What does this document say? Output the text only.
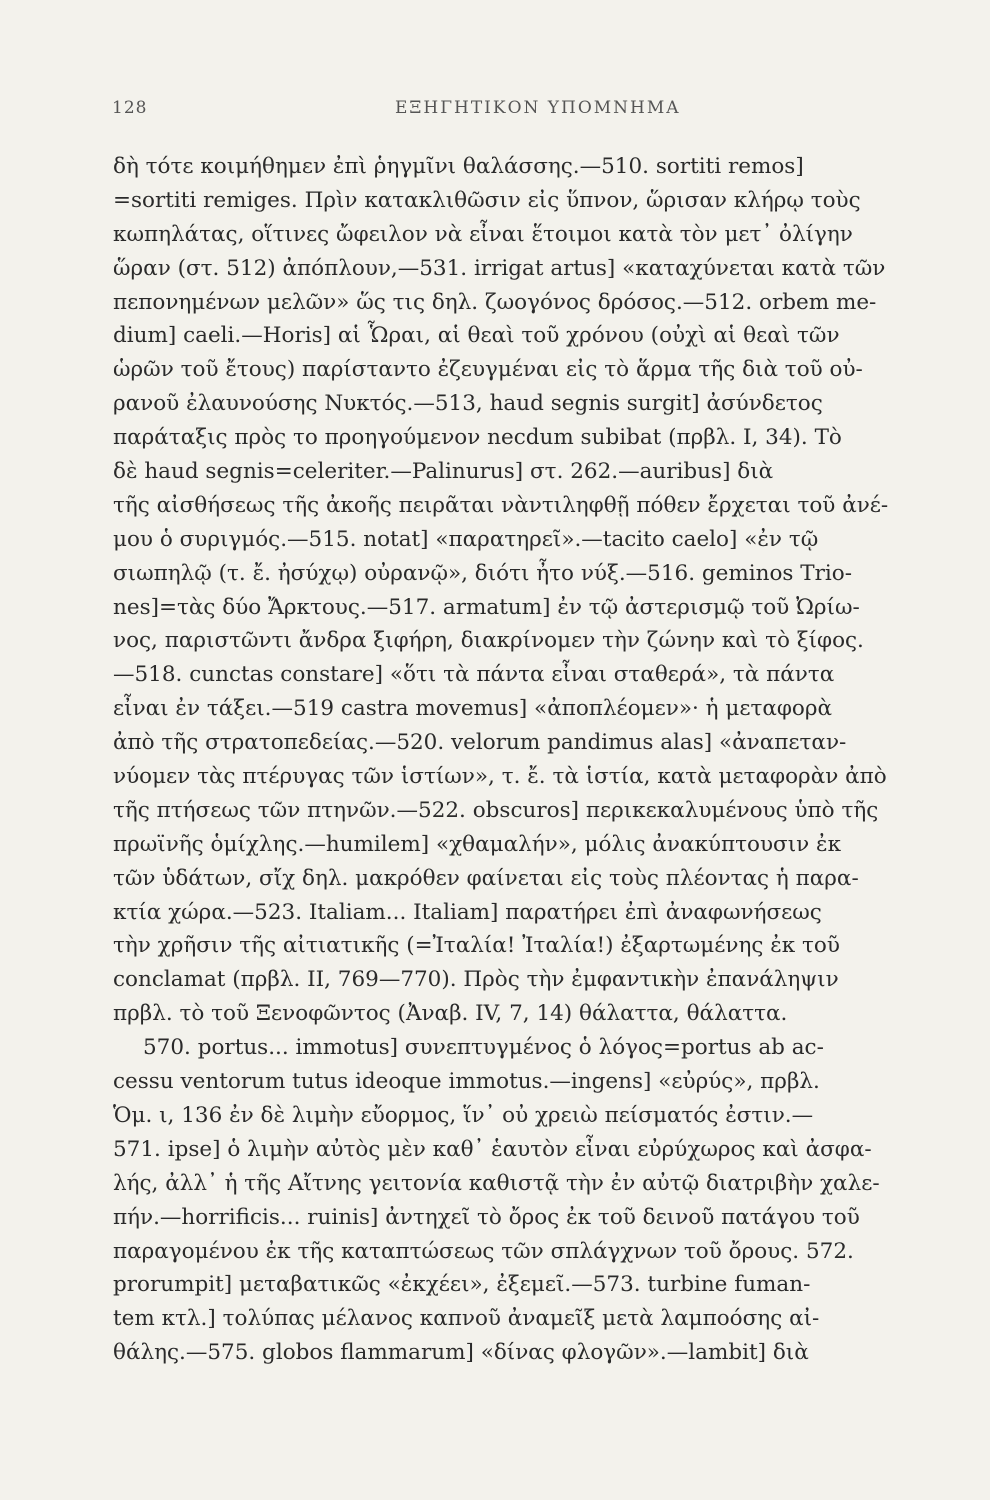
128	ΕΞΗΓΗΤΙΚΟΝ ΥΠΟΜΝΗΜΑ
δὴ τότε κοιμήθημεν ἐπὶ ῥηγμῖνι θαλάσσης.—510. sortiti remos]
=sortiti remiges. Πρὶν κατακλιθῶσιν εἰς ὕπνον, ὥρισαν κλήρῳ τοὺς
κωπηλάτας, οἵτινες ὤφειλον νὰ εἶναι ἕτοιμοι κατὰ τὸν μετ᾽ ὀλίγην
ὥραν (στ. 512) ἀπόπλουν,—531. irrigat artus] «καταχύνεται κατὰ τῶν
πεπονημένων μελῶν» ὥς τις δηλ. ζωογόνος δρόσος.—512. orbem me-
dium] caeli.—Horis] αἱ Ὧραι, αἱ θεαὶ τοῦ χρόνου (οὐχὶ αἱ θεαὶ τῶν
ὡρῶν τοῦ ἔτους) παρίσταντο ἐζευγμέναι εἰς τὸ ἅρμα τῆς διὰ τοῦ οὐ-
ρανοῦ ἐλαυνούσης Νυκτός.—513, haud segnis surgit] ἀσύνδετος
παράταξις πρὸς το προηγούμενον necdum subibat (πρβλ. I, 34). Τὸ
δὲ haud segnis=celeriter.—Palinurus] στ. 262.—auribus] διὰ
τῆς αἰσθήσεως τῆς ἀκοῆς πειρᾶται νὰντιληφθῇ πόθεν ἔρχεται τοῦ ἀνέ-
μου ὁ συριγμός.—515. notat] «παρατηρεῖ».—tacito caelo] «ἐν τῷ
σιωπηλῷ (τ. ἔ. ἠσύχῳ) οὐρανῷ», διότι ἦτο νύξ.—516. geminos Trio-
nes]=τὰς δύο Ἄρκτους.—517. armatum] ἐν τῷ ἀστερισμῷ τοῦ Ὠρίω-
νος, παριστῶντι ἄνδρα ξιφήρη, διακρίνομεν τὴν ζώνην καὶ τὸ ξίφος.
—518. cunctas constare] «ὅτι τὰ πάντα εἶναι σταθερά», τὰ πάντα
εἶναι ἐν τάξει.—519 castra movemus] «ἀποπλέομεν»· ἡ μεταφορὰ
ἀπὸ τῆς στρατοπεδείας.—520. velorum pandimus alas] «ἀναπεταν-
νύομεν τὰς πτέρυγας τῶν ἱστίων», τ. ἔ. τὰ ἱστία, κατὰ μεταφορὰν ἀπὸ
τῆς πτήσεως τῶν πτηνῶν.—522. obscuros] περικεκαλυμένους ὑπὸ τῆς
πρωϊνῆς ὁμίχλης.—humilem] «χθαμαλήν», μόλις ἀνακύπτουσιν ἐκ
τῶν ὑδάτων, σἴχ δηλ. μακρόθεν φαίνεται εἰς τοὺς πλέοντας ἡ παρα-
κτία χώρα.—523. Italiam... Italiam] παρατήρει ἐπὶ ἀναφωνήσεως
τὴν χρῆσιν τῆς αἰτιατικῆς (=Ἰταλία! Ἰταλία!) ἐξαρτωμένης ἐκ τοῦ
conclamat (πρβλ. II, 769—770). Πρὸς τὴν ἐμφαντικὴν ἐπανάληψιν
πρβλ. τὸ τοῦ Ξενοφῶντος (Ἀναβ. IV, 7, 14) θάλαττα, θάλαττα.
570. portus... immotus] συνεπτυγμένος ὁ λόγος=portus ab ac-
cessu ventorum tutus ideoque immotus.—ingens] «εὐρύς», πρβλ.
Ὁμ. ι, 136 ἐν δὲ λιμὴν εὔορμος, ἵν᾽ οὐ χρειὼ πείσματός ἐστιν.—
571. ipse] ὁ λιμὴν αὐτὸς μὲν καθ᾽ ἑαυτὸν εἶναι εὐρύχωρος καὶ ἀσφα-
λής, ἀλλ᾽ ἡ τῆς Αἴτνης γειτονία καθιστᾷ τὴν ἐν αὐτῷ διατριβὴν χαλε-
πήν.—horrificis... ruinis] ἀντηχεῖ τὸ ὄρος ἐκ τοῦ δεινοῦ πατάγου τοῦ
παραγομένου ἐκ τῆς καταπτώσεως τῶν σπλάγχνων τοῦ ὄρους. 572.
prorumpit] μεταβατικῶς «ἐκχέει», ἐξεμεῖ.—573. turbine fuman-
tem κτλ.] τολύπας μέλανος καπνοῦ ἀναμεῖξ μετὰ λαμποόσης αἰ-
θάλης.—575. globos flammarum] «δίνας φλογῶν».—lambit] διὰ
